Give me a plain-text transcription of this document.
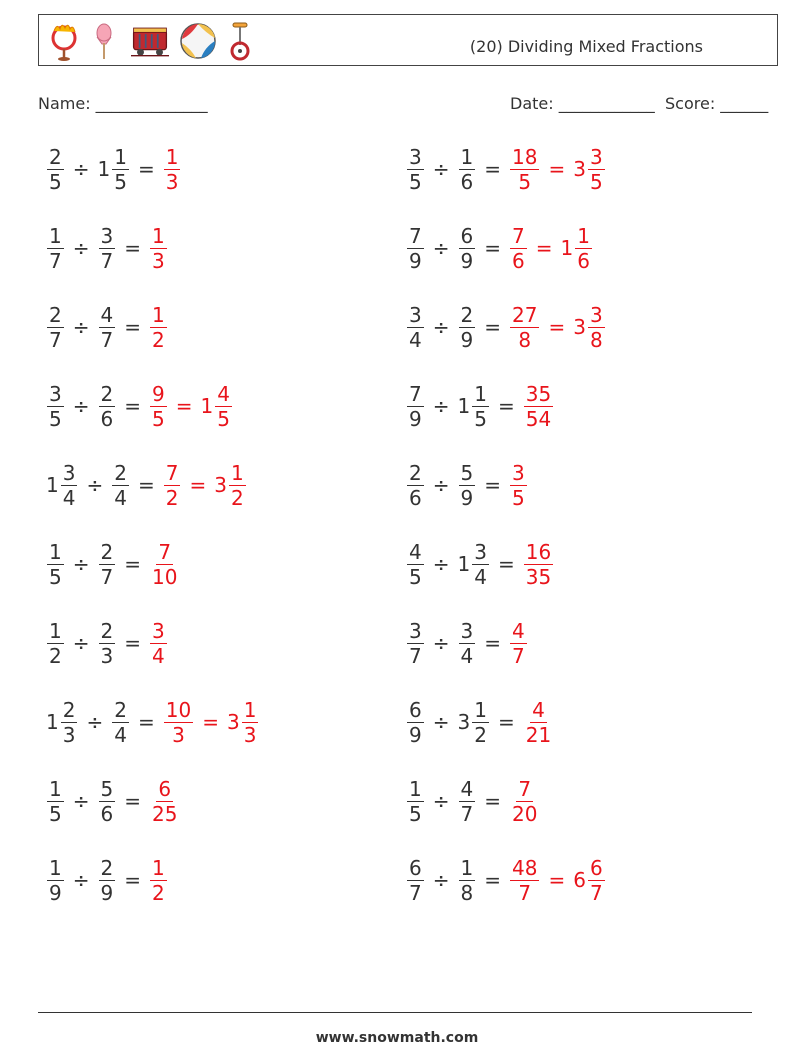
(20) Dividing Mixed Fractions
Name: ______________	Date: ____________ Score: ______
$\frac{2}{5} \div 1 \frac{1}{5} = \frac{1}{3}$	$\frac{3}{5} \div \frac{1}{6} = \frac{18}{5} = 3 \frac{3}{5}$
$\frac{1}{7} \div \frac{3}{7} = \frac{1}{3}$	$\frac{7}{9} \div \frac{6}{9} = \frac{7}{6} = 1 \frac{1}{6}$
$\frac{2}{7} \div \frac{4}{7} = \frac{1}{2}$	$\frac{3}{4} \div \frac{2}{9} = \frac{27}{8} = 3 \frac{3}{8}$
$\frac{3}{5} \div \frac{2}{6} = \frac{9}{5} = 1 \frac{4}{5}$	$\frac{7}{9} \div 1 \frac{1}{5} = \frac{35}{54}$
$1 \frac{3}{4} \div \frac{2}{4} = \frac{7}{2} = 3 \frac{1}{2}$	$\frac{2}{6} \div \frac{5}{9} = \frac{3}{5}$
$\frac{1}{5} \div \frac{2}{7} = \frac{7}{10}$	$\frac{4}{5} \div 1 \frac{3}{4} = \frac{16}{35}$
$\frac{1}{2} \div \frac{2}{3} = \frac{3}{4}$	$\frac{3}{7} \div \frac{3}{4} = \frac{4}{7}$
$1 \frac{2}{3} \div \frac{2}{4} = \frac{10}{3} = 3 \frac{1}{3}$	$\frac{6}{9} \div 3 \frac{1}{2} = \frac{4}{21}$
$\frac{1}{5} \div \frac{5}{6} = \frac{6}{25}$	$\frac{1}{5} \div \frac{4}{7} = \frac{7}{20}$
$\frac{1}{9} \div \frac{2}{9} = \frac{1}{2}$	$\frac{6}{7} \div \frac{1}{8} = \frac{48}{7} = 6 \frac{6}{7}$
www.snowmath.com
